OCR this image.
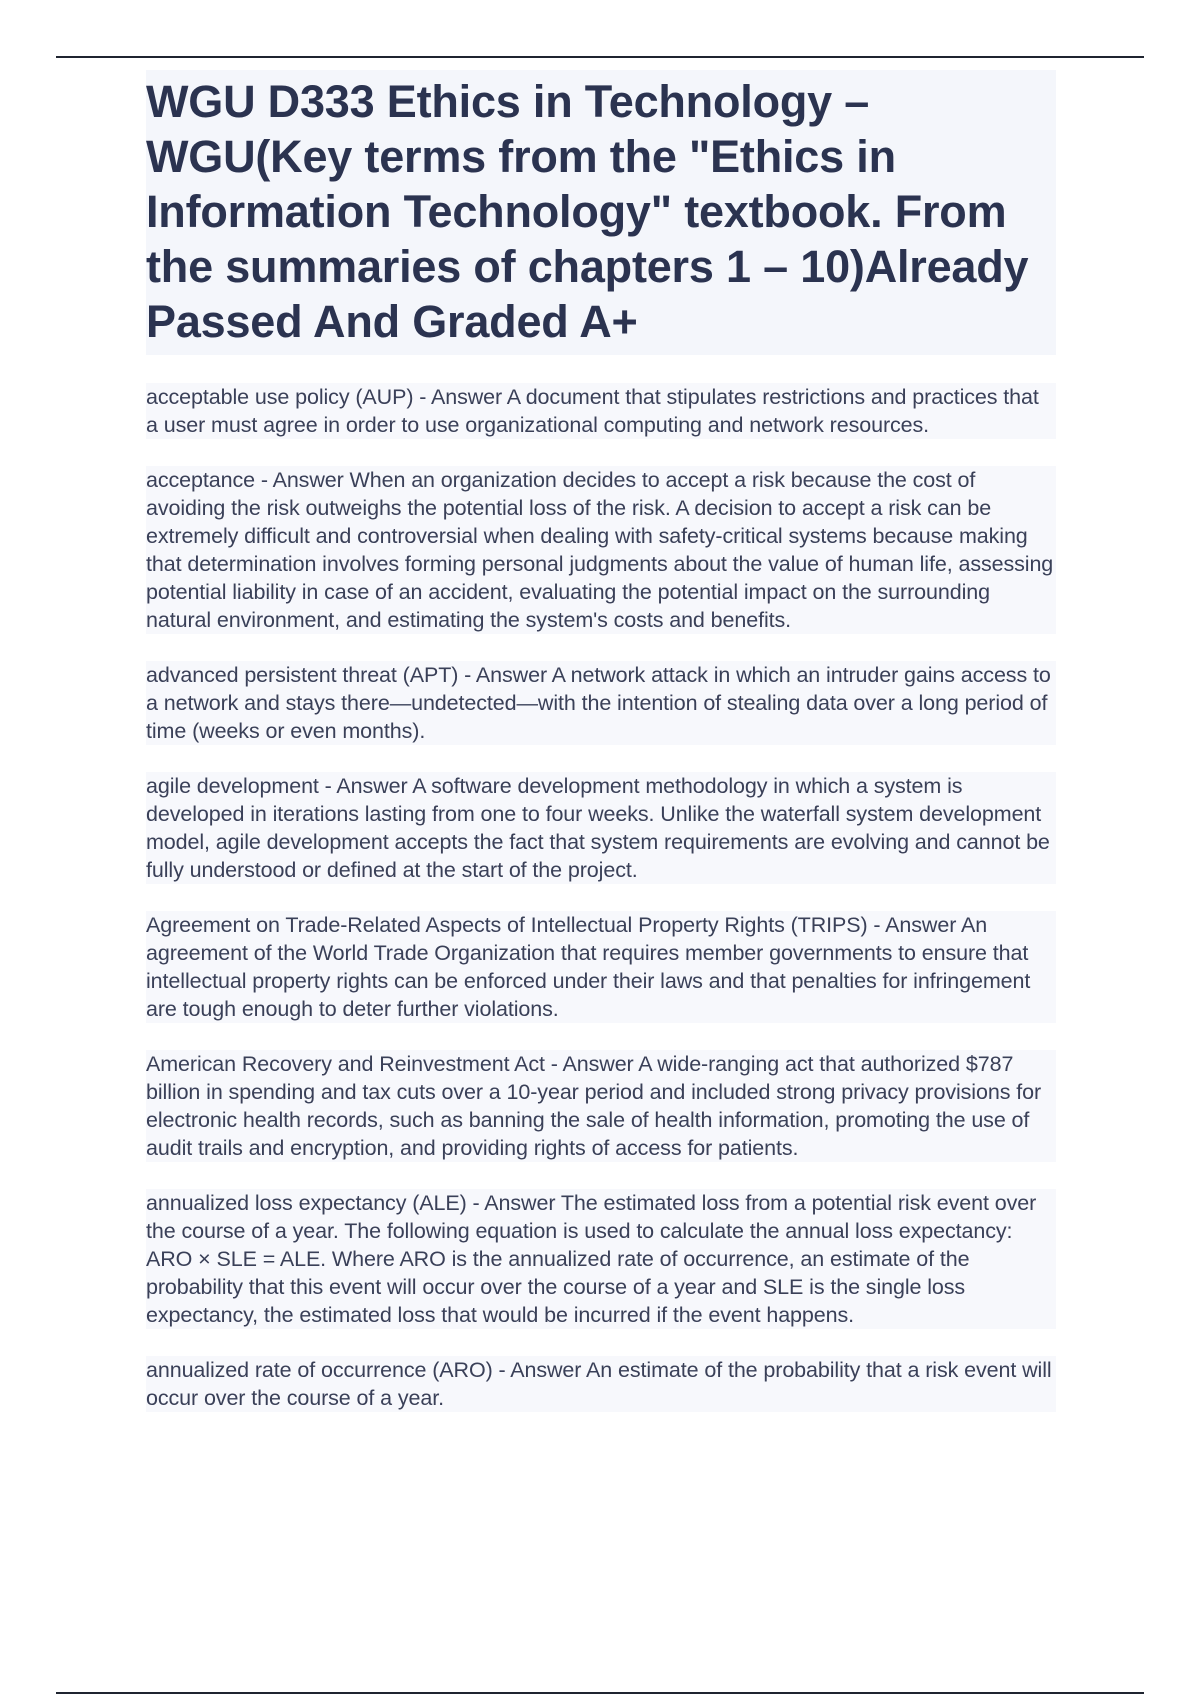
WGU D333 Ethics in Technology – WGU(Key terms from the "Ethics in Information Technology" textbook. From the summaries of chapters 1 – 10)Already Passed And Graded A+

acceptable use policy (AUP) - Answer A document that stipulates restrictions and practices that a user must agree in order to use organizational computing and network resources.

acceptance - Answer When an organization decides to accept a risk because the cost of avoiding the risk outweighs the potential loss of the risk. A decision to accept a risk can be extremely difficult and controversial when dealing with safety-critical systems because making that determination involves forming personal judgments about the value of human life, assessing potential liability in case of an accident, evaluating the potential impact on the surrounding natural environment, and estimating the system's costs and benefits.

advanced persistent threat (APT) - Answer A network attack in which an intruder gains access to a network and stays there—undetected—with the intention of stealing data over a long period of time (weeks or even months).

agile development - Answer A software development methodology in which a system is developed in iterations lasting from one to four weeks. Unlike the waterfall system development model, agile development accepts the fact that system requirements are evolving and cannot be fully understood or defined at the start of the project.

Agreement on Trade-Related Aspects of Intellectual Property Rights (TRIPS) - Answer An agreement of the World Trade Organization that requires member governments to ensure that intellectual property rights can be enforced under their laws and that penalties for infringement are tough enough to deter further violations.

American Recovery and Reinvestment Act - Answer A wide-ranging act that authorized $787 billion in spending and tax cuts over a 10-year period and included strong privacy provisions for electronic health records, such as banning the sale of health information, promoting the use of audit trails and encryption, and providing rights of access for patients.

annualized loss expectancy (ALE) - Answer The estimated loss from a potential risk event over the course of a year. The following equation is used to calculate the annual loss expectancy: ARO × SLE = ALE. Where ARO is the annualized rate of occurrence, an estimate of the probability that this event will occur over the course of a year and SLE is the single loss expectancy, the estimated loss that would be incurred if the event happens.

annualized rate of occurrence (ARO) - Answer An estimate of the probability that a risk event will occur over the course of a year.
